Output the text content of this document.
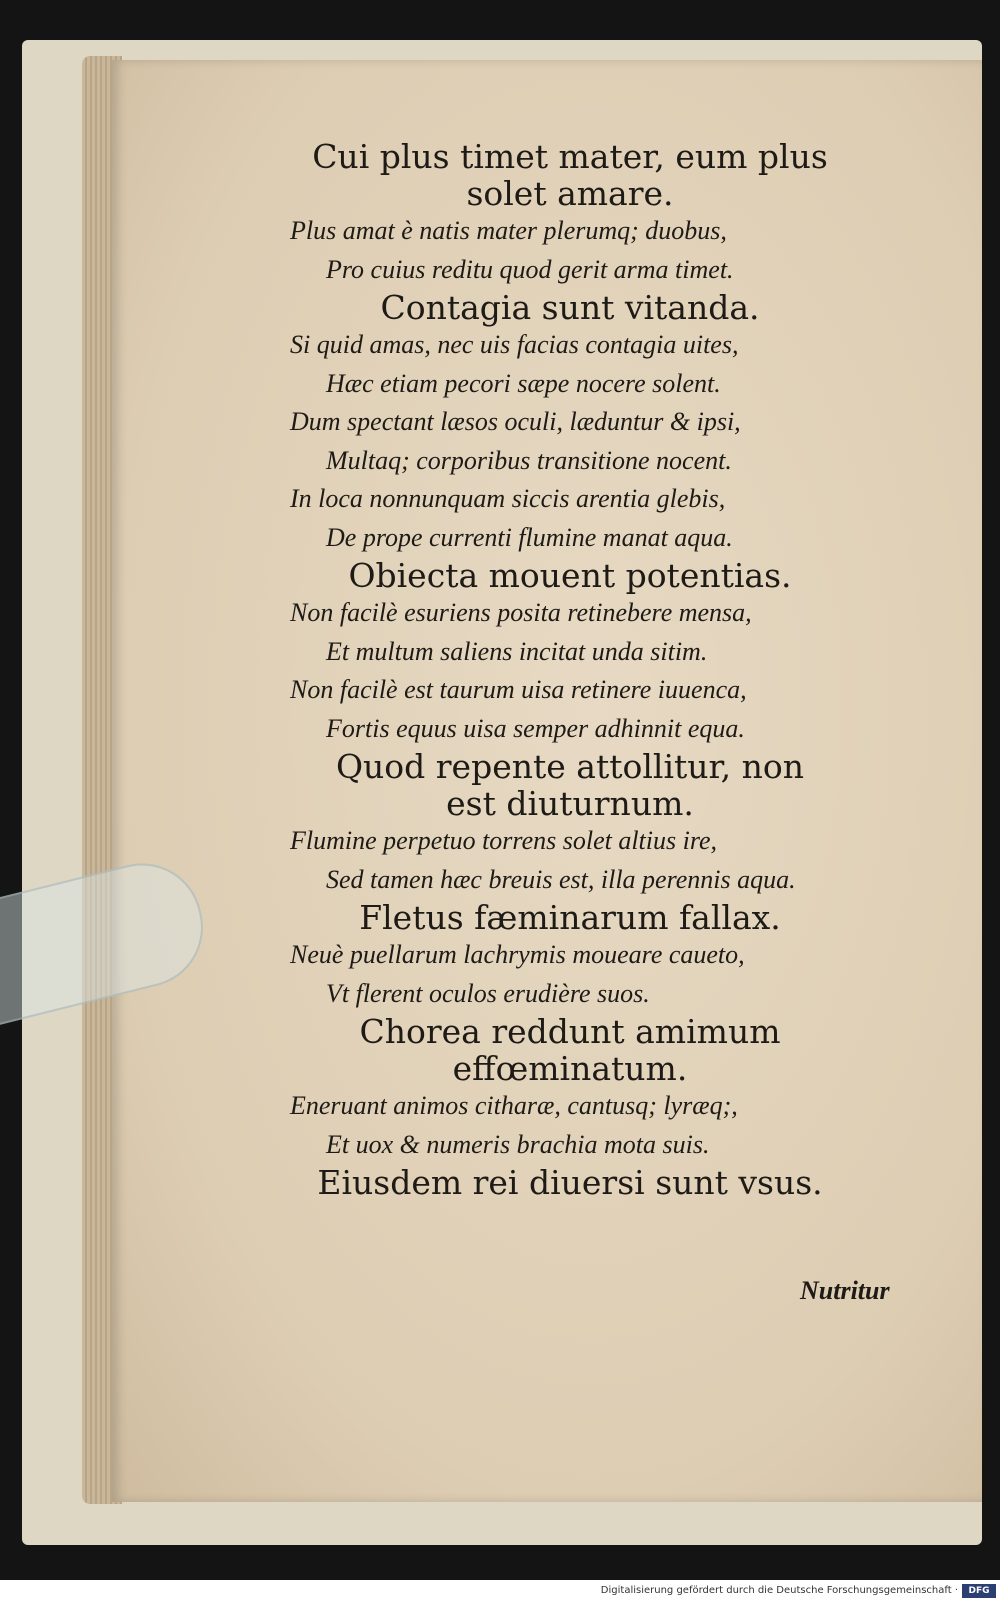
Cui plus timet mater, eum plus
solet amare.
Plus amat è natis mater plerumq; duobus,
Pro cuius reditu quod gerit arma timet.
Contagia sunt vitanda.
Si quid amas, nec uis facias contagia uites,
Hæc etiam pecori sæpe nocere solent.
Dum spectant læsos oculi, læduntur & ipsi,
Multaq; corporibus transitione nocent.
In loca nonnunquam siccis arentia glebis,
De prope currenti flumine manat aqua.
Obiecta mouent potentias.
Non facilè esuriens posita retinebere mensa,
Et multum saliens incitat unda sitim.
Non facilè est taurum uisa retinere iuuenca,
Fortis equus uisa semper adhinnit equa.
Quod repente attollitur, non
est diuturnum.
Flumine perpetuo torrens solet altius ire,
Sed tamen hæc breuis est, illa perennis aqua.
Fletus fæminarum fallax.
Neuè puellarum lachrymis moueare caueto,
Vt flerent oculos erudière suos.
Chorea reddunt amimum
effœminatum.
Eneruant animos citharæ, cantusq; lyræq;,
Et uox & numeris brachia mota suis.
Eiusdem rei diuersi sunt vsus.
Nutritur
Digitalisierung gefördert durch die Deutsche Forschungsgemeinschaft ·	DFG
